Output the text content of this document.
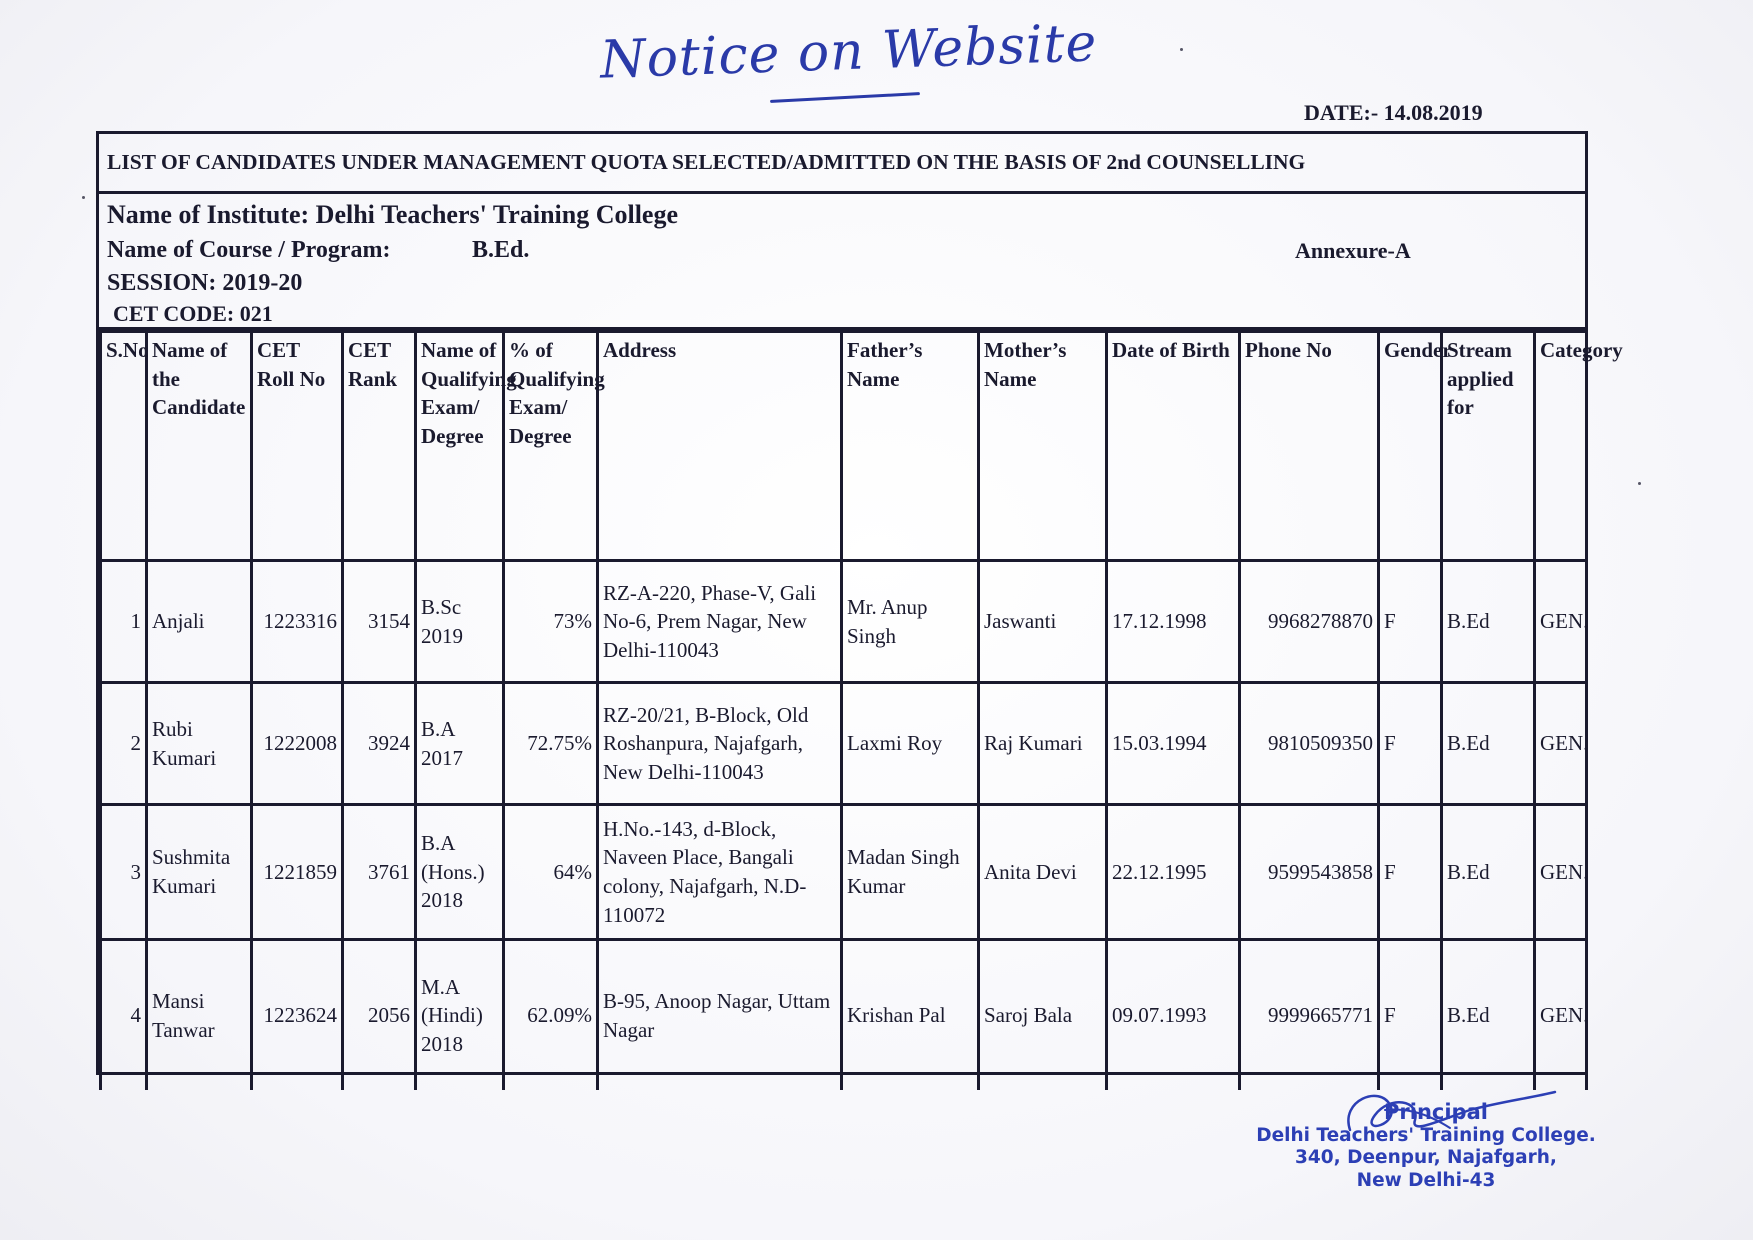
Notice on Website
DATE:- 14.08.2019
LIST OF CANDIDATES UNDER MANAGEMENT QUOTA SELECTED/ADMITTED ON THE BASIS OF 2nd COUNSELLING
Name of Institute: Delhi Teachers' Training College
Name of Course / Program:	B.Ed.
SESSION: 2019-20
CET CODE: 021
Annexure-A
S.No	Name of the Candidate	CET Roll No	CET Rank	Name of Qualifying Exam/ Degree	% of Qualifying Exam/ Degree	Address	Father’s Name	Mother’s Name	Date of Birth	Phone No	Gender	Stream applied for	Category
1	Anjali	1223316	3154	B.Sc 2019	73%	RZ-A-220, Phase-V, Gali No-6, Prem Nagar, New Delhi-110043	Mr. Anup Singh	Jaswanti	17.12.1998	9968278870	F	B.Ed	GEN.
2	Rubi Kumari	1222008	3924	B.A 2017	72.75%	RZ-20/21, B-Block, Old Roshanpura, Najafgarh, New Delhi-110043	Laxmi Roy	Raj Kumari	15.03.1994	9810509350	F	B.Ed	GEN.
3	Sushmita Kumari	1221859	3761	B.A (Hons.) 2018	64%	H.No.-143, d-Block, Naveen Place, Bangali colony, Najafgarh, N.D-110072	Madan Singh Kumar	Anita Devi	22.12.1995	9599543858	F	B.Ed	GEN.
4	Mansi Tanwar	1223624	2056	M.A (Hindi) 2018	62.09%	B-95, Anoop Nagar, Uttam Nagar	Krishan Pal	Saroj Bala	09.07.1993	9999665771	F	B.Ed	GEN.
Principal
Delhi Teachers' Training College.
340, Deenpur, Najafgarh,
New Delhi-43
